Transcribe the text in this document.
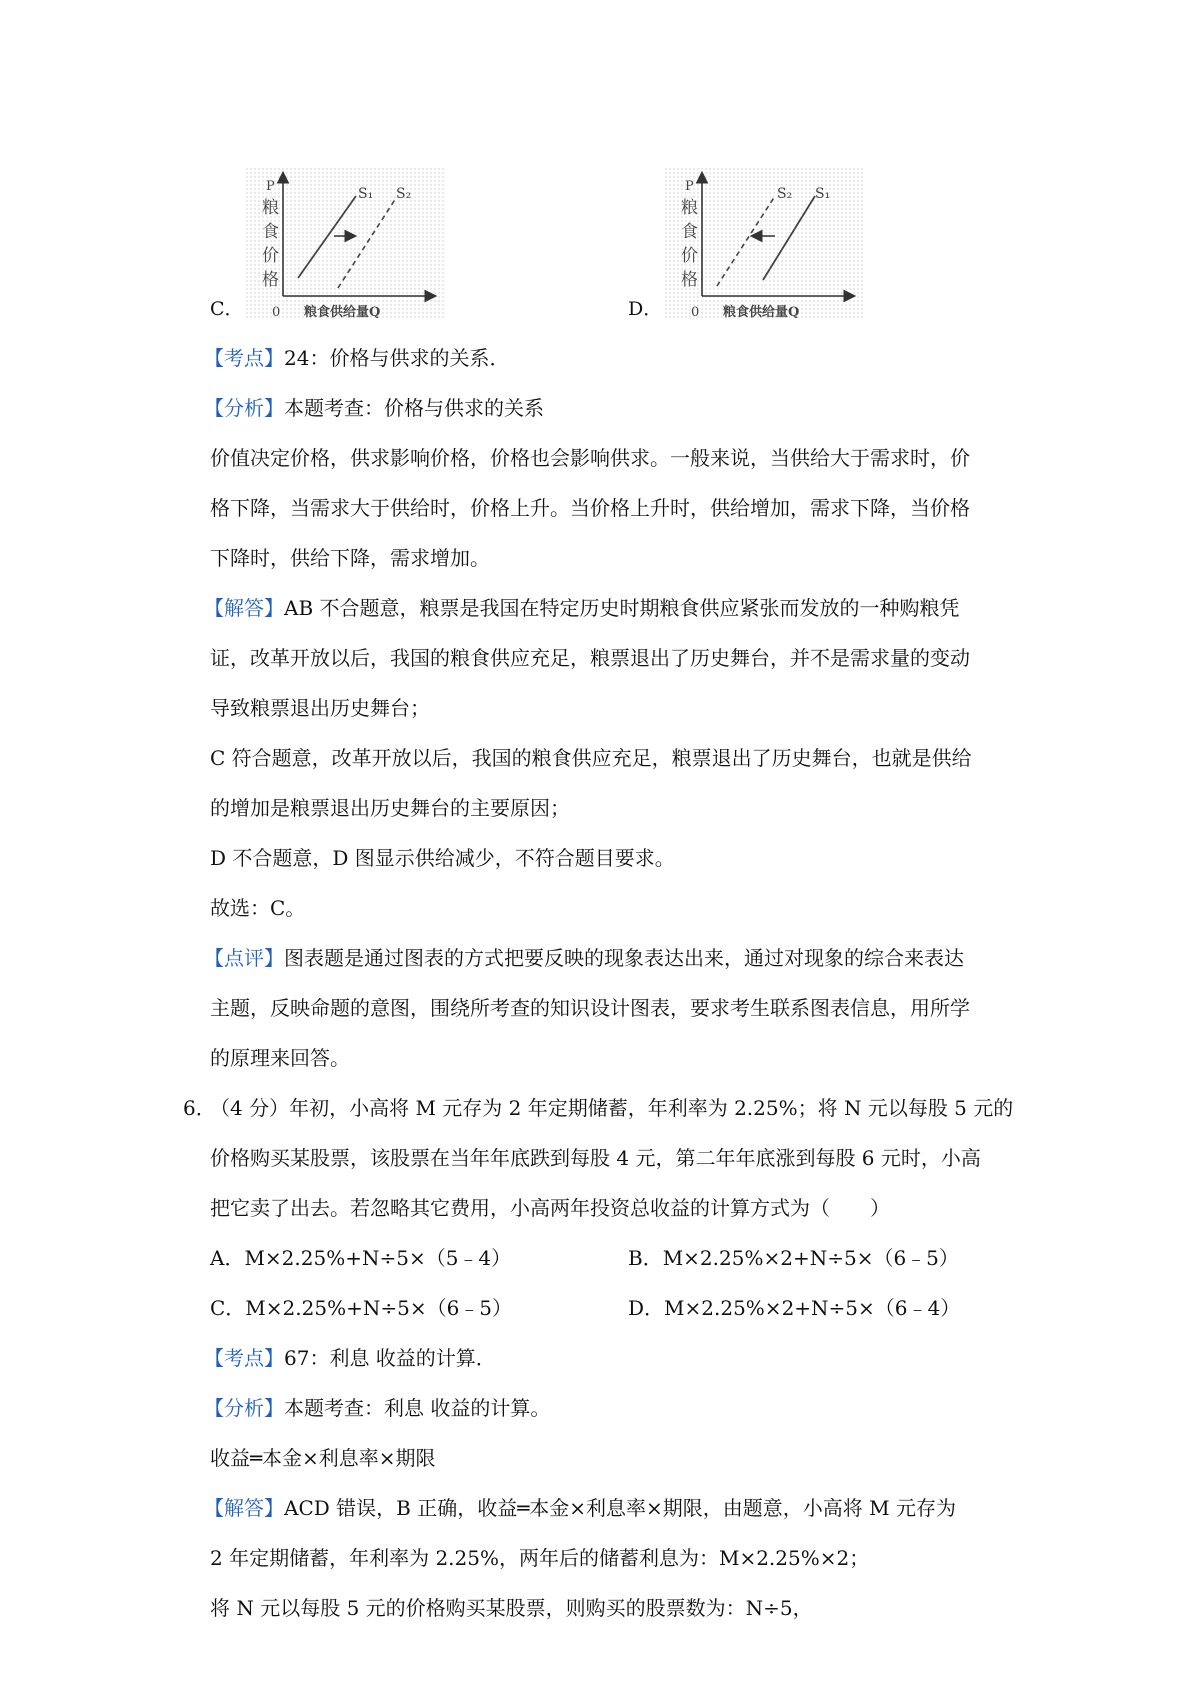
C．
P
粮
食
价
格
0 粮食供给量Q
S₁ S₂
D．
P
粮
食
价
格
0 粮食供给量Q
S₂ S₁
【考点】24：价格与供求的关系．
【分析】本题考查：价格与供求的关系
价值决定价格，供求影响价格，价格也会影响供求。一般来说，当供给大于需求时，价
格下降，当需求大于供给时，价格上升。当价格上升时，供给增加，需求下降，当价格
下降时，供给下降，需求增加。
【解答】AB 不合题意，粮票是我国在特定历史时期粮食供应紧张而发放的一种购粮凭
证，改革开放以后，我国的粮食供应充足，粮票退出了历史舞台，并不是需求量的变动
导致粮票退出历史舞台；
C 符合题意，改革开放以后，我国的粮食供应充足，粮票退出了历史舞台，也就是供给
的增加是粮票退出历史舞台的主要原因；
D 不合题意，D 图显示供给减少，不符合题目要求。
故选：C。
【点评】图表题是通过图表的方式把要反映的现象表达出来，通过对现象的综合来表达
主题，反映命题的意图，围绕所考查的知识设计图表，要求考生联系图表信息，用所学
的原理来回答。
6．
（4 分）年初，小高将 M 元存为 2 年定期储蓄，年利率为 2.25%；将 N 元以每股 5 元的
价格购买某股票，该股票在当年年底跌到每股 4 元，第二年年底涨到每股 6 元时，小高
把它卖了出去。若忽略其它费用，小高两年投资总收益的计算方式为（　　）
A．M×2.25%+N÷5×（5﹣4）	B．M×2.25%×2+N÷5×（6﹣5）
C．M×2.25%+N÷5×（6﹣5）	D．M×2.25%×2+N÷5×（6﹣4）
【考点】67：利息 收益的计算．
【分析】本题考查：利息 收益的计算。
收益═本金×利息率×期限
【解答】ACD 错误，B 正确，收益═本金×利息率×期限，由题意，小高将 M 元存为
2 年定期储蓄，年利率为 2.25%，两年后的储蓄利息为：M×2.25%×2；
将 N 元以每股 5 元的价格购买某股票，则购买的股票数为：N÷5，
